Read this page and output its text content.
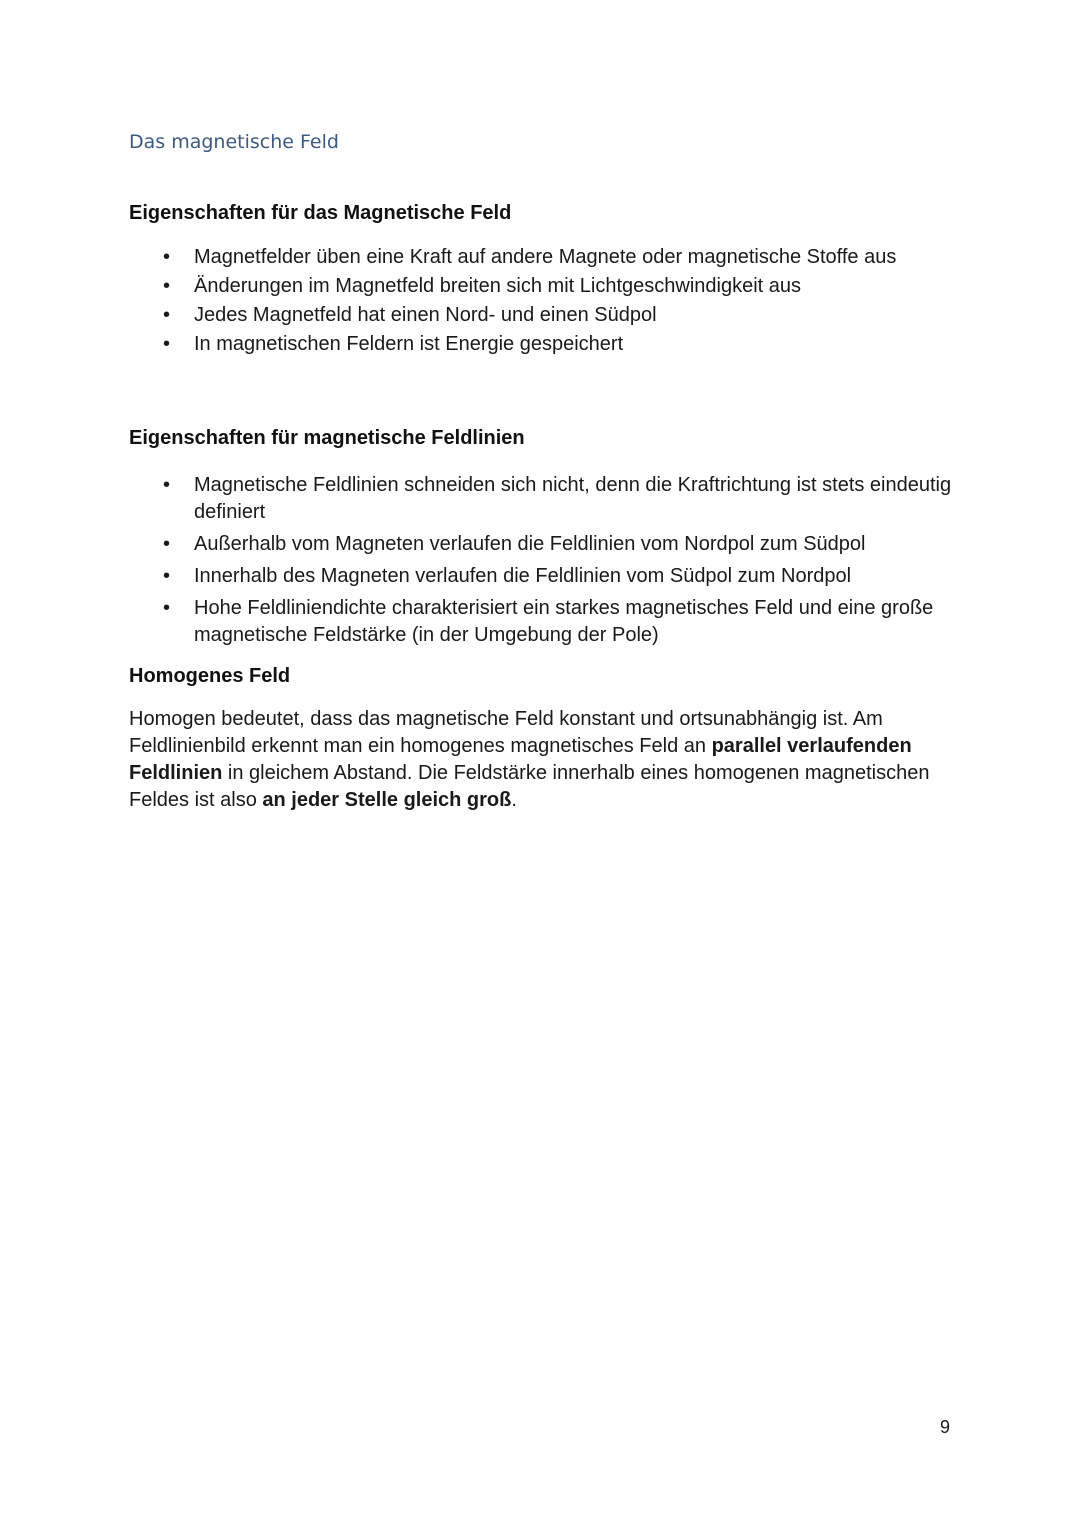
Das magnetische Feld
Eigenschaften für das Magnetische Feld
• Magnetfelder üben eine Kraft auf andere Magnete oder magnetische Stoffe aus
• Änderungen im Magnetfeld breiten sich mit Lichtgeschwindigkeit aus
• Jedes Magnetfeld hat einen Nord- und einen Südpol
• In magnetischen Feldern ist Energie gespeichert
Eigenschaften für magnetische Feldlinien
• Magnetische Feldlinien schneiden sich nicht, denn die Kraftrichtung ist stets eindeutig definiert
• Außerhalb vom Magneten verlaufen die Feldlinien vom Nordpol zum Südpol
• Innerhalb des Magneten verlaufen die Feldlinien vom Südpol zum Nordpol
• Hohe Feldliniendichte charakterisiert ein starkes magnetisches Feld und eine große magnetische Feldstärke (in der Umgebung der Pole)
Homogenes Feld
Homogen bedeutet, dass das magnetische Feld konstant und ortsunabhängig ist. Am Feldlinienbild erkennt man ein homogenes magnetisches Feld an parallel verlaufenden Feldlinien in gleichem Abstand. Die Feldstärke innerhalb eines homogenen magnetischen Feldes ist also an jeder Stelle gleich groß.
9
